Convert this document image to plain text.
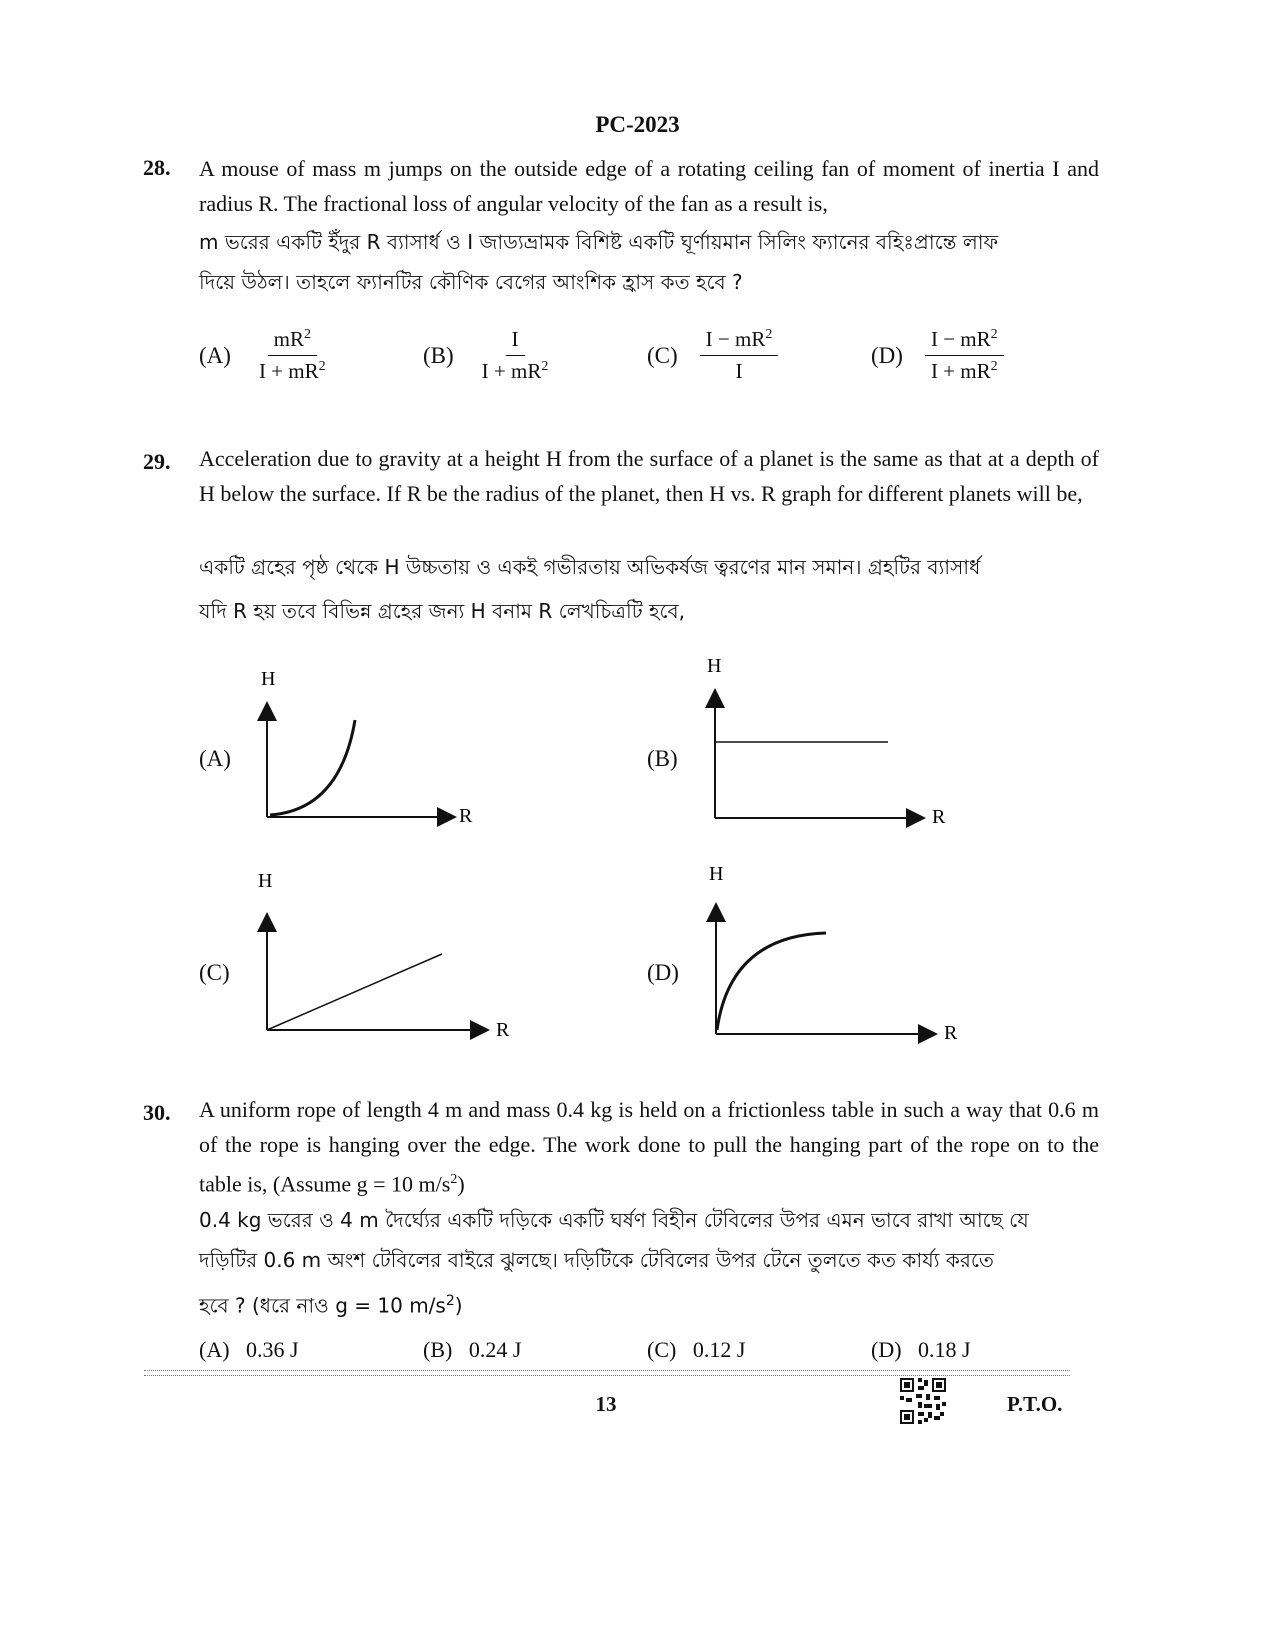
PC-2023
28. A mouse of mass m jumps on the outside edge of a rotating ceiling fan of moment of inertia I and radius R. The fractional loss of angular velocity of the fan as a result is,
m ভরের একটি ইঁদুর R ব্যাসার্ধ ও I জাড্যভ্রামক বিশিষ্ট একটি ঘূর্ণায়মান সিলিং ফ্যানের বহিঃপ্রান্তে লাফ
দিয়ে উঠল। তাহলে ফ্যানটির কৌণিক বেগের আংশিক হ্রাস কত হবে ?
$(A) \frac{mR^2}{I + mR^2}$	$(B) \frac{I}{I + mR^2}$	$(C) \frac{I - mR^2}{I}$	$(D) \frac{I - mR^2}{I + mR^2}$
29. Acceleration due to gravity at a height H from the surface of a planet is the same as that at a depth of H below the surface. If R be the radius of the planet, then H vs. R graph for different planets will be,
একটি গ্রহের পৃষ্ঠ থেকে H উচ্চতায় ও একই গভীরতায় অভিকর্ষজ ত্বরণের মান সমান। গ্রহটির ব্যাসার্ধ
যদি R হয় তবে বিভিন্ন গ্রহের জন্য H বনাম R লেখচিত্রটি হবে,
(A)	(B)
(C)	(D)
H
R
H
R
H
R
H
R
30. A uniform rope of length 4 m and mass 0.4 kg is held on a frictionless table in such a way that 0.6 m of the rope is hanging over the edge. The work done to pull the hanging part of the rope on to the table is, (Assume g = 10 $m/s^2$)
0.4 kg ভরের ও 4 m দৈর্ঘ্যের একটি দড়িকে একটি ঘর্ষণ বিহীন টেবিলের উপর এমন ভাবে রাখা আছে যে
দড়িটির 0.6 m অংশ টেবিলের বাইরে ঝুলছে। দড়িটিকে টেবিলের উপর টেনে তুলতে কত কার্য্য করতে
হবে ? (ধরে নাও g = 10 $m/s^2$)
(A) 0.36 J	(B) 0.24 J	(C) 0.12 J	(D) 0.18 J
13	P.T.O.
